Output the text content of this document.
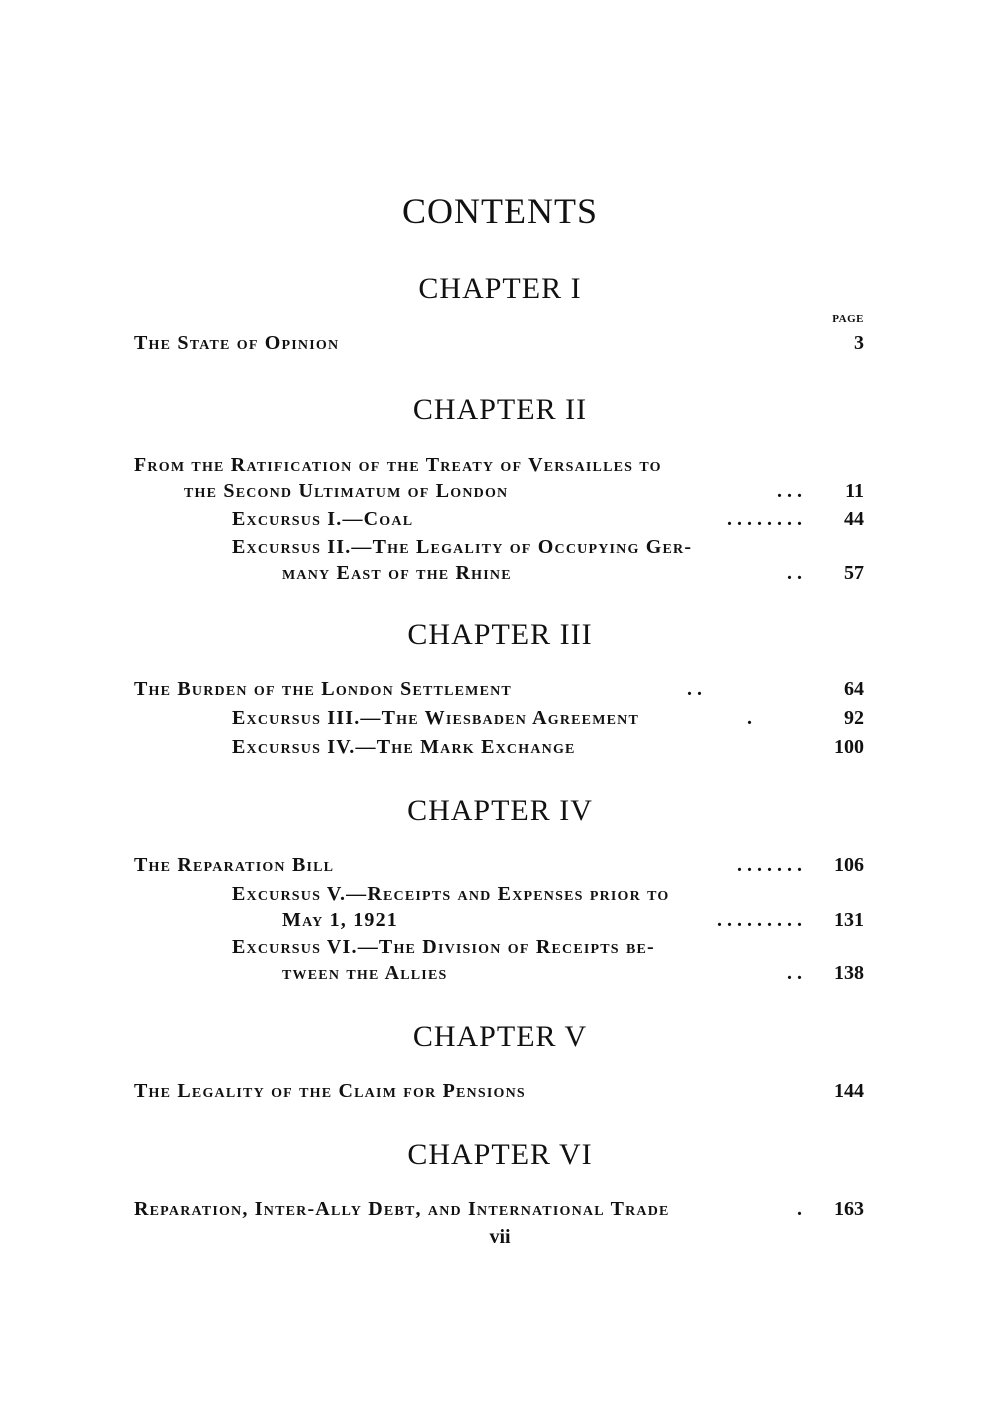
CONTENTS
CHAPTER I
PAGE
The State of Opinion	3
CHAPTER II
From the Ratification of the Treaty of Versailles to
the Second Ultimatum of London	. . .	11
Excursus I.—Coal	. . . . . . . .	44
Excursus II.—The Legality of Occupying Ger-
many East of the Rhine	. .	57
CHAPTER III
The Burden of the London Settlement	. .	64
Excursus III.—The Wiesbaden Agreement	.	92
Excursus IV.—The Mark Exchange	100
CHAPTER IV
The Reparation Bill	. . . . . . .	106
Excursus V.—Receipts and Expenses prior to
May 1, 1921	. . . . . . . . .	131
Excursus VI.—The Division of Receipts be-
tween the Allies	. .	138
CHAPTER V
The Legality of the Claim for Pensions	144
CHAPTER VI
Reparation, Inter-Ally Debt, and International Trade	.	163
vii
